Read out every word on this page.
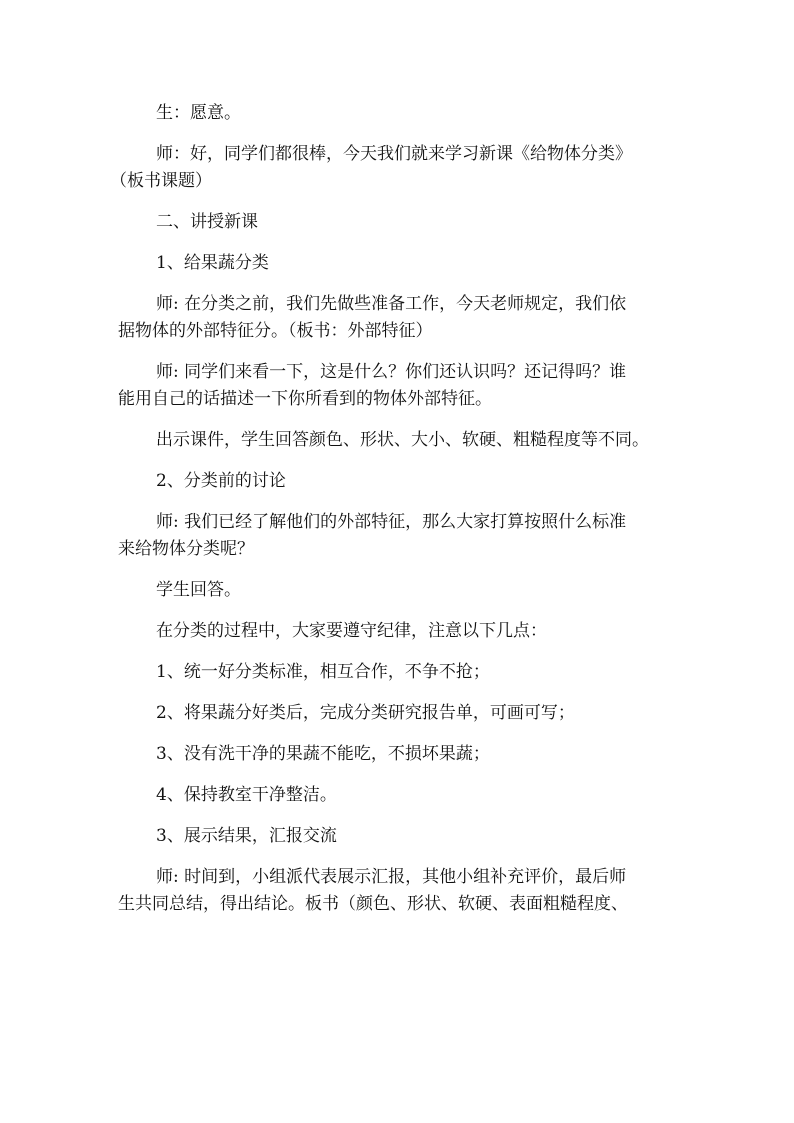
生：愿意。

师：好，同学们都很棒，今天我们就来学习新课《给物体分类》
（板书课题）

二、讲授新课

1、给果蔬分类

师: 在分类之前，我们先做些准备工作，今天老师规定，我们依
据物体的外部特征分。（板书：外部特征）

师: 同学们来看一下，这是什么？你们还认识吗？还记得吗？谁
能用自己的话描述一下你所看到的物体外部特征。

出示课件，学生回答颜色、形状、大小、软硬、粗糙程度等不同。

2、分类前的讨论

师: 我们已经了解他们的外部特征，那么大家打算按照什么标准
来给物体分类呢？

学生回答。

在分类的过程中，大家要遵守纪律，注意以下几点：

1、统一好分类标准，相互合作，不争不抢；

2、将果蔬分好类后，完成分类研究报告单，可画可写；

3、没有洗干净的果蔬不能吃，不损坏果蔬；

4、保持教室干净整洁。

3、展示结果，汇报交流

师: 时间到，小组派代表展示汇报，其他小组补充评价，最后师
生共同总结，得出结论。板书（颜色、形状、软硬、表面粗糙程度、
